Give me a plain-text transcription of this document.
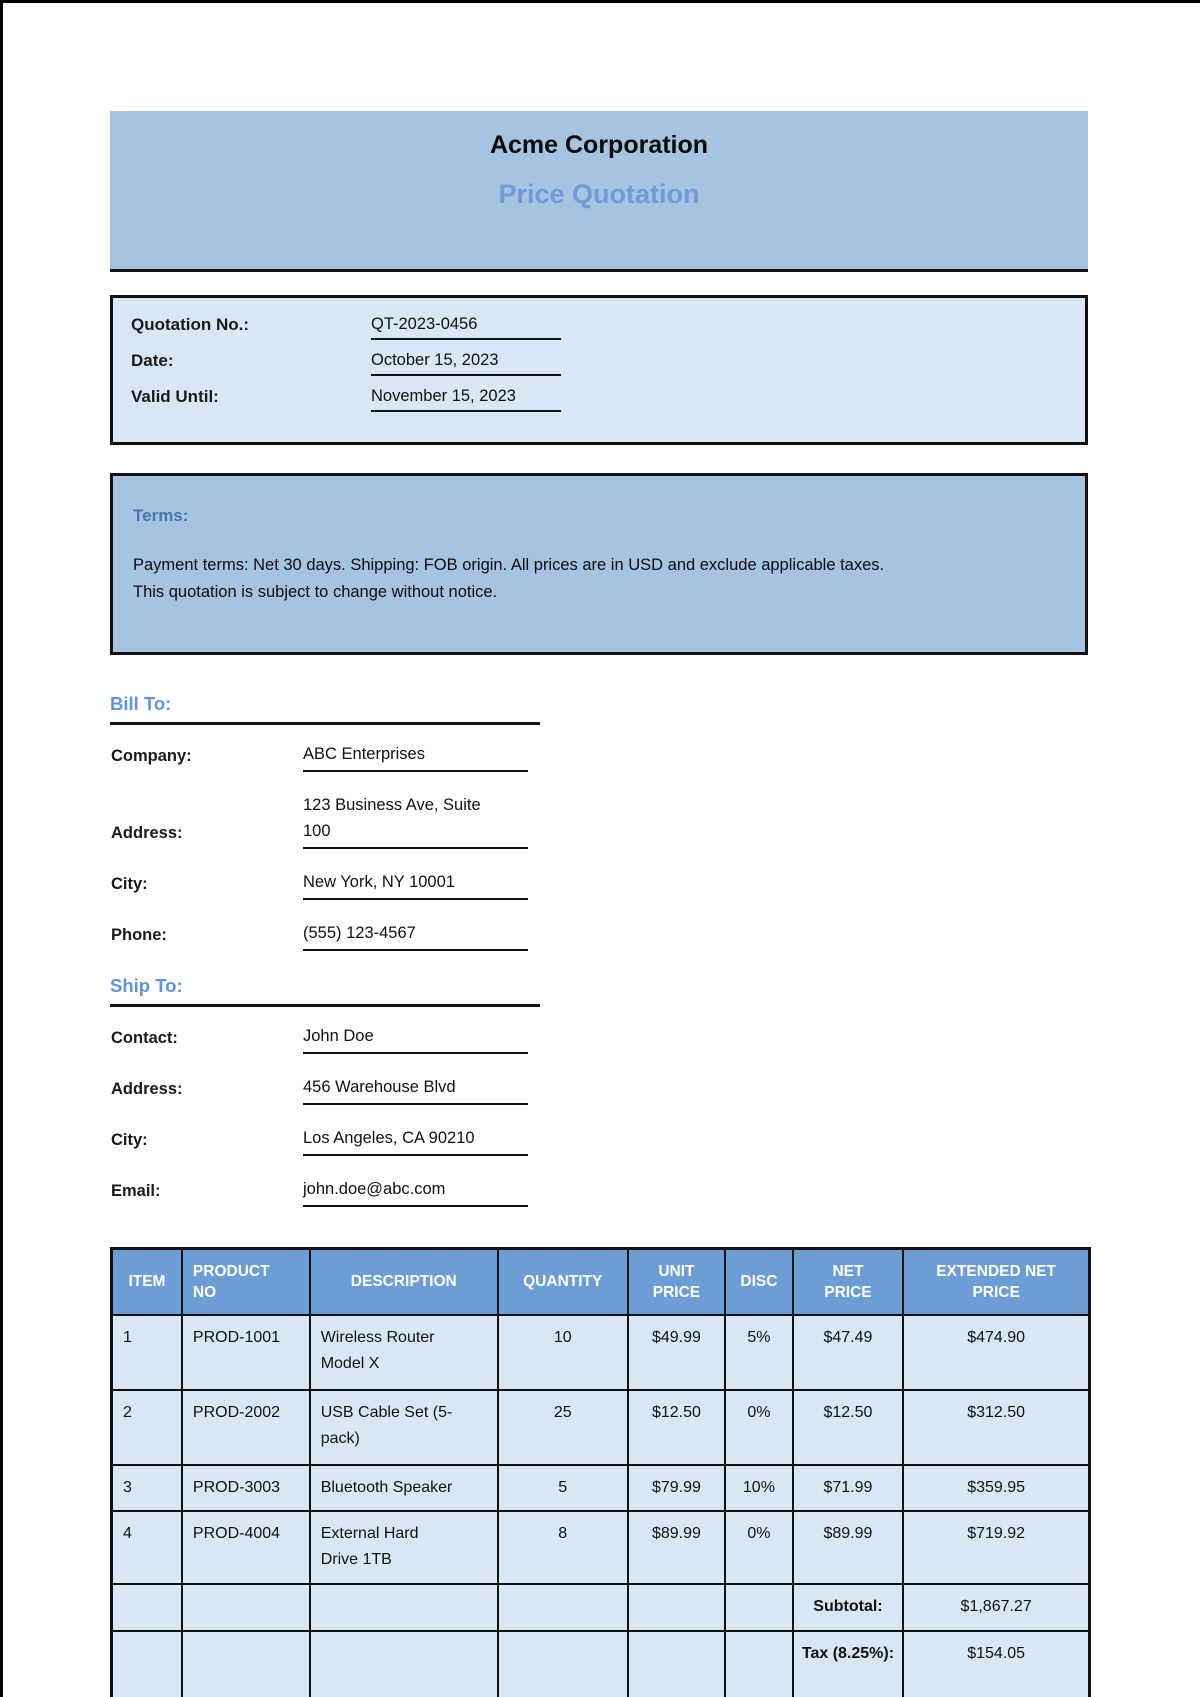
Acme Corporation
Price Quotation
Quotation No.:	QT-2023-0456
Date:	October 15, 2023
Valid Until:	November 15, 2023
Terms:
Payment terms: Net 30 days. Shipping: FOB origin. All prices are in USD and exclude applicable taxes.
This quotation is subject to change without notice.
Bill To:
Company:	ABC Enterprises
Address:
123 Business Ave, Suite 100
City:	New York, NY 10001
Phone:	(555) 123-4567
Ship To:
Contact:	John Doe
Address:	456 Warehouse Blvd
City:	Los Angeles, CA 90210
Email:	john.doe@abc.com
ITEM	PRODUCT NO	DESCRIPTION	QUANTITY	UNIT PRICE	DISC	NET PRICE	EXTENDED NET PRICE
1	PROD-1001	Wireless Router Model X	10	$49.99	5%	$47.49	$474.90
2	PROD-2002	USB Cable Set (5-pack)	25	$12.50	0%	$12.50	$312.50
3	PROD-3003	Bluetooth Speaker	5	$79.99	10%	$71.99	$359.95
4	PROD-4004	External Hard Drive 1TB	8	$89.99	0%	$89.99	$719.92
						Subtotal:	$1,867.27
						Tax (8.25%):	$154.05
